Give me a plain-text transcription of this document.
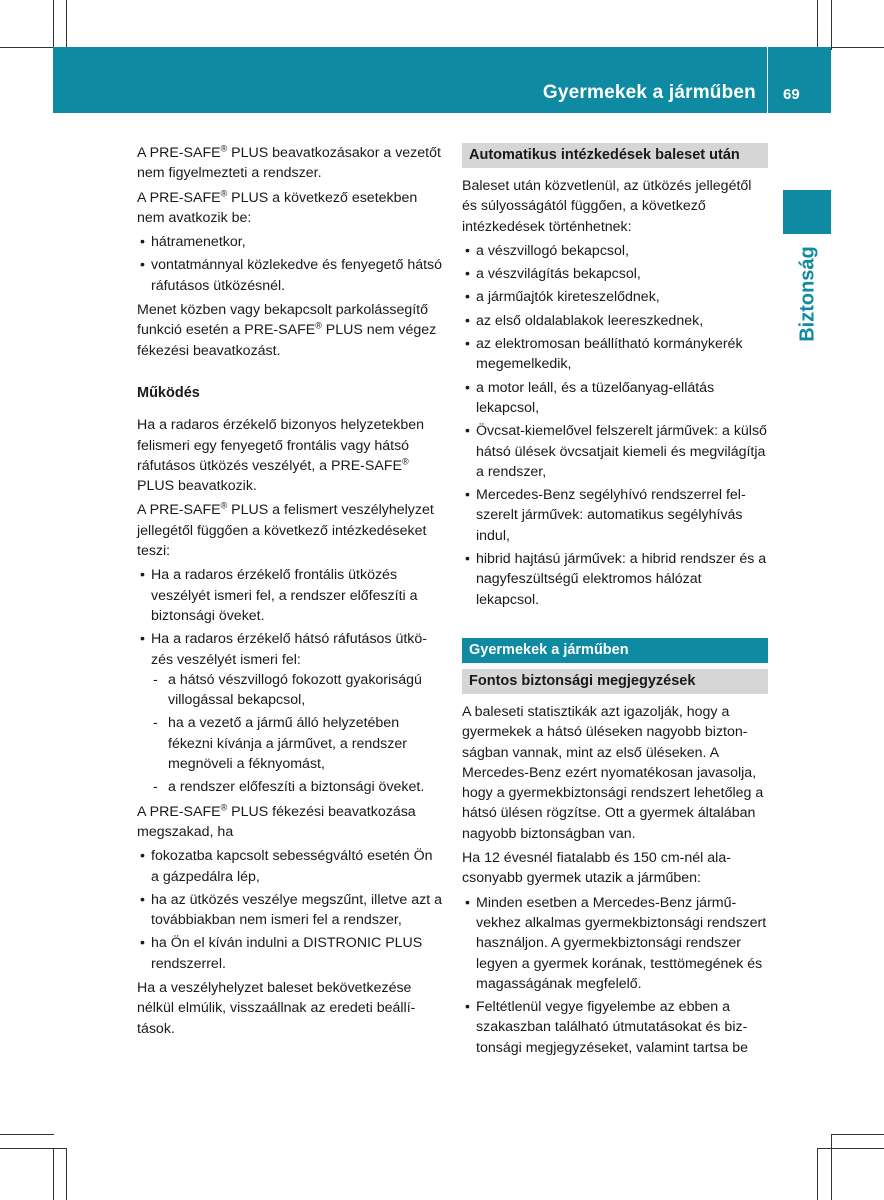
Gyermekek a járműben 69
Biztonság

A PRE-SAFE® PLUS beavatkozásakor a vezetőt nem figyelmezteti a rendszer.

A PRE-SAFE® PLUS a következő esetekben nem avatkozik be:

• hátramenetkor,
• vontatmánnyal közlekedve és fenyegető hátsó ráfutásos ütközésnél.

Menet közben vagy bekapcsolt parkolássegítő funkció esetén a PRE-SAFE® PLUS nem végez fékezési beavatkozást.

Működés

Ha a radaros érzékelő bizonyos helyzetekben felismeri egy fenyegető frontális vagy hátsó ráfutásos ütközés veszélyét, a PRE-SAFE® PLUS beavatkozik.

A PRE-SAFE® PLUS a felismert veszélyhelyzet jellegétől függően a következő intézkedéseket teszi:

• Ha a radaros érzékelő frontális ütközés veszélyét ismeri fel, a rendszer előfeszíti a biztonsági öveket.
• Ha a radaros érzékelő hátsó ráfutásos ütközés veszélyét ismeri fel:
- a hátsó vészvillogó fokozott gyakoriságú villogással bekapcsol,
- ha a vezető a jármű álló helyzetében fékezni kívánja a járművet, a rendszer megnöveli a féknyomást,
- a rendszer előfeszíti a biztonsági öveket.

A PRE-SAFE® PLUS fékezési beavatkozása megszakad, ha

• fokozatba kapcsolt sebességváltó esetén Ön a gázpedálra lép,
• ha az ütközés veszélye megszűnt, illetve azt a továbbiakban nem ismeri fel a rendszer,
• ha Ön el kíván indulni a DISTRONIC PLUS rendszerrel.

Ha a veszélyhelyzet baleset bekövetkezése nélkül elmúlik, visszaállnak az eredeti beállítások.

Automatikus intézkedések baleset után

Baleset után közvetlenül, az ütközés jellegétől és súlyosságától függően, a következő intézkedések történhetnek:

• a vészvillogó bekapcsol,
• a vészvilágítás bekapcsol,
• a járműajtók kireteszelődnek,
• az első oldalablakok leereszkednek,
• az elektromosan beállítható kormánykerék megemelkedik,
• a motor leáll, és a tüzelőanyag-ellátás lekapcsol,
• Övcsat-kiemelővel felszerelt járművek: a külső hátsó ülések övcsatjait kiemeli és megvilágítja a rendszer,
• Mercedes-Benz segélyhívó rendszerrel felszerelt járművek: automatikus segélyhívás indul,
• hibrid hajtású járművek: a hibrid rendszer és a nagyfeszültségű elektromos hálózat lekapcsol.
Gyermekek a járműben
Fontos biztonsági megjegyzések

A baleseti statisztikák azt igazolják, hogy a gyermekek a hátsó üléseken nagyobb biztonságban vannak, mint az első üléseken. A Mercedes-Benz ezért nyomatékosan javasolja, hogy a gyermekbiztonsági rendszert lehetőleg a hátsó ülésen rögzítse. Ott a gyermek általában nagyobb biztonságban van.

Ha 12 évesnél fiatalabb és 150 cm-nél alacsonyabb gyermek utazik a járműben:

• Minden esetben a Mercedes-Benz járművekhez alkalmas gyermekbiztonsági rendszert használjon. A gyermekbiztonsági rendszer legyen a gyermek korának, testtömegének és magasságának megfelelő.
• Feltétlenül vegye figyelembe az ebben a szakaszban található útmutatásokat és biztonsági megjegyzéseket, valamint tartsa be
